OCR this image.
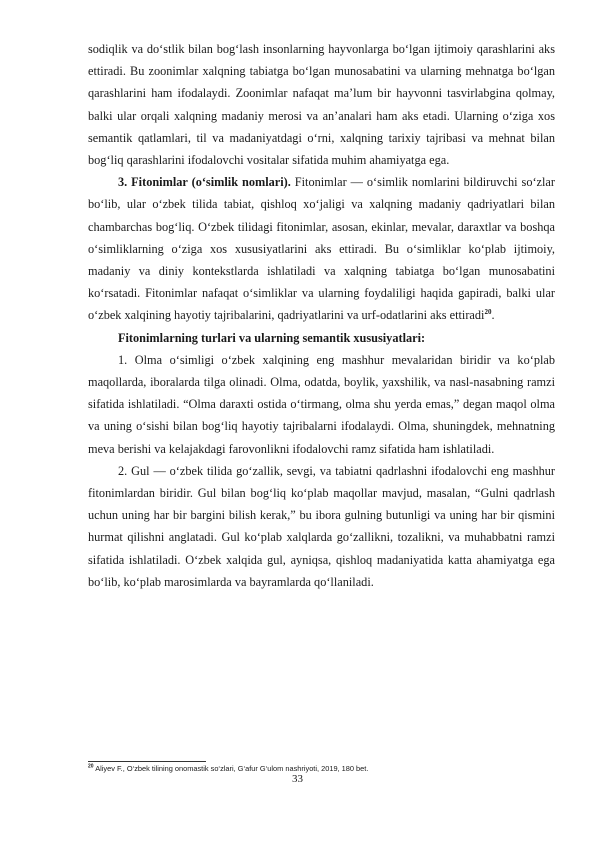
sodiqlik va do‘stlik bilan bog‘lash insonlarning hayvonlarga bo‘lgan ijtimoiy qarashlarini aks ettiradi. Bu zoonimlar xalqning tabiatga bo‘lgan munosabatini va ularning mehnatga bo‘lgan qarashlarini ham ifodalaydi. Zoonimlar nafaqat ma’lum bir hayvonni tasvirlabgina qolmay, balki ular orqali xalqning madaniy merosi va an’analari ham aks etadi. Ularning o‘ziga xos semantik qatlamlari, til va madaniyatdagi o‘rni, xalqning tarixiy tajribasi va mehnat bilan bog‘liq qarashlarini ifodalovchi vositalar sifatida muhim ahamiyatga ega.

3. Fitonimlar (o‘simlik nomlari). Fitonimlar — o‘simlik nomlarini bildiruvchi so‘zlar bo‘lib, ular o‘zbek tilida tabiat, qishloq xo‘jaligi va xalqning madaniy qadriyatlari bilan chambarchas bog‘liq. O‘zbek tilidagi fitonimlar, asosan, ekinlar, mevalar, daraxtlar va boshqa o‘simliklarning o‘ziga xos xususiyatlarini aks ettiradi. Bu o‘simliklar ko‘plab ijtimoiy, madaniy va diniy kontekstlarda ishlatiladi va xalqning tabiatga bo‘lgan munosabatini ko‘rsatadi. Fitonimlar nafaqat o‘simliklar va ularning foydaliligi haqida gapiradi, balki ular o‘zbek xalqining hayotiy tajribalarini, qadriyatlarini va urf-odatlarini aks ettiradi$^{20}$.

Fitonimlarning turlari va ularning semantik xususiyatlari:

1. Olma o‘simligi o‘zbek xalqining eng mashhur mevalaridan biridir va ko‘plab maqollarda, iboralarda tilga olinadi. Olma, odatda, boylik, yaxshilik, va nasl-nasabning ramzi sifatida ishlatiladi. “Olma daraxti ostida o‘tirmang, olma shu yerda emas,” degan maqol olma va uning o‘sishi bilan bog‘liq hayotiy tajribalarni ifodalaydi. Olma, shuningdek, mehnatning meva berishi va kelajakdagi farovonlikni ifodalovchi ramz sifatida ham ishlatiladi.

2. Gul — o‘zbek tilida go‘zallik, sevgi, va tabiatni qadrlashni ifodalovchi eng mashhur fitonimlardan biridir. Gul bilan bog‘liq ko‘plab maqollar mavjud, masalan, “Gulni qadrlash uchun uning har bir bargini bilish kerak,” bu ibora gulning butunligi va uning har bir qismini hurmat qilishni anglatadi. Gul ko‘plab xalqlarda go‘zallikni, tozalikni, va muhabbatni ramzi sifatida ishlatiladi. O‘zbek xalqida gul, ayniqsa, qishloq madaniyatida katta ahamiyatga ega bo‘lib, ko‘plab marosimlarda va bayramlarda qo‘llaniladi.

$^{20}$ Aliyev F., O‘zbek tilining onomastik so‘zlari, G‘afur G‘ulom nashriyoti, 2019, 180 bet.
33
